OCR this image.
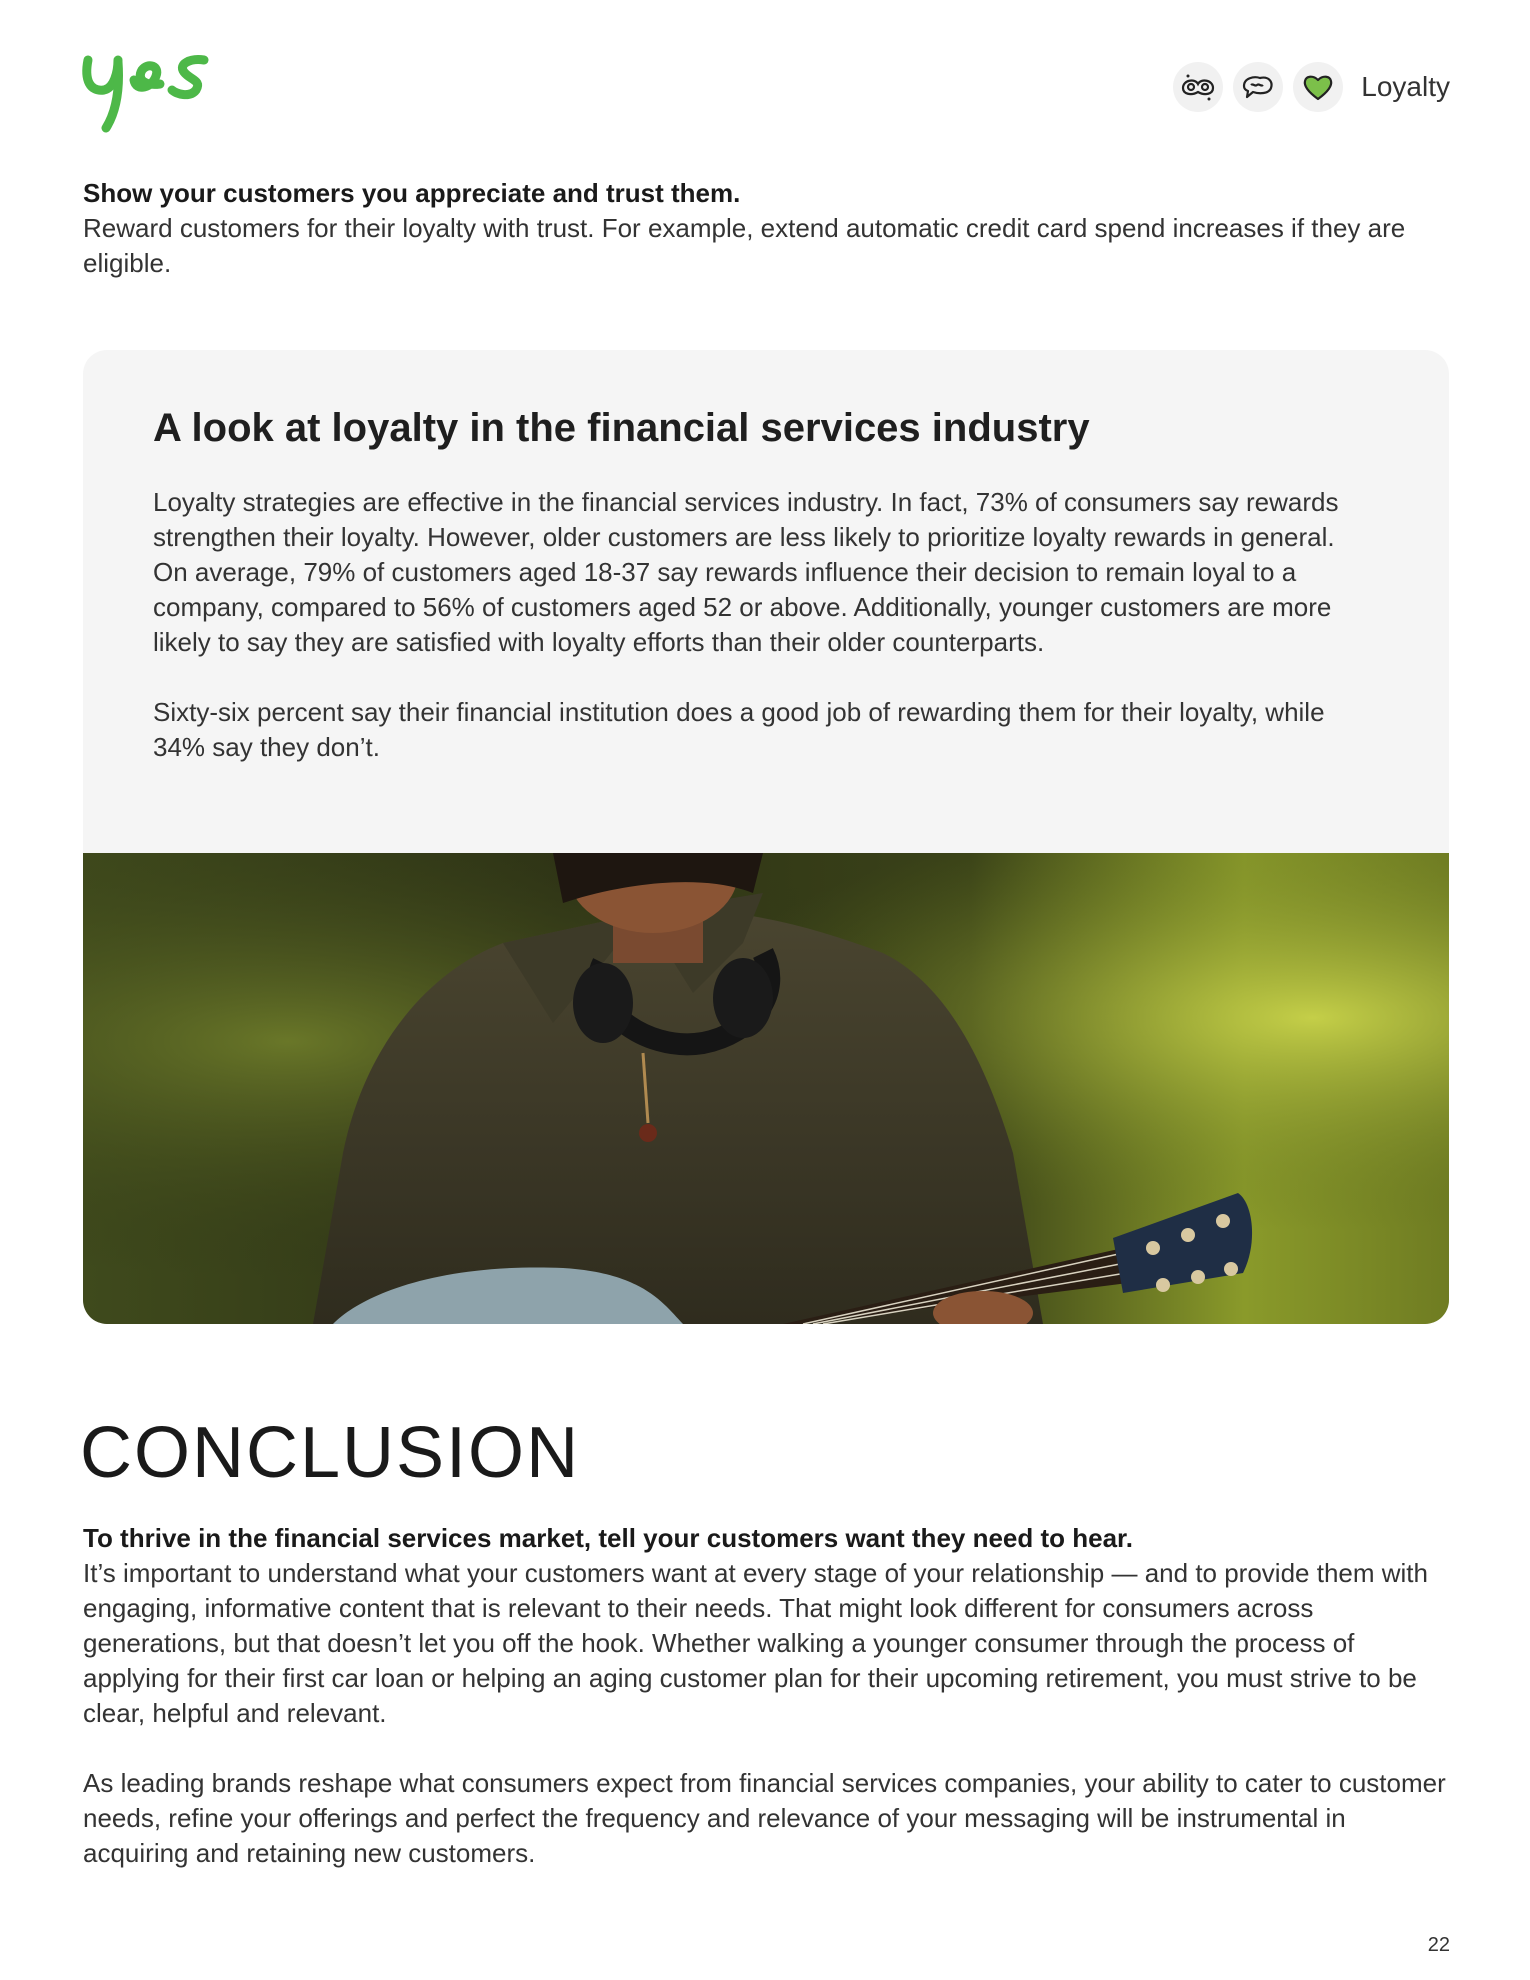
Loyalty
Show your customers you appreciate and trust them.
Reward customers for their loyalty with trust. For example, extend automatic credit card spend increases if they are eligible.
A look at loyalty in the financial services industry

Loyalty strategies are effective in the financial services industry. In fact, 73% of consumers say rewards strengthen their loyalty. However, older customers are less likely to prioritize loyalty rewards in general. On average, 79% of customers aged 18-37 say rewards influence their decision to remain loyal to a company, compared to 56% of customers aged 52 or above. Additionally, younger customers are more likely to say they are satisfied with loyalty efforts than their older counterparts.

Sixty-six percent say their financial institution does a good job of rewarding them for their loyalty, while 34% say they don’t.

CONCLUSION
To thrive in the financial services market, tell your customers want they need to hear.
It’s important to understand what your customers want at every stage of your relationship — and to provide them with engaging, informative content that is relevant to their needs. That might look different for consumers across generations, but that doesn’t let you off the hook. Whether walking a younger consumer through the process of applying for their first car loan or helping an aging customer plan for their upcoming retirement, you must strive to be clear, helpful and relevant.
As leading brands reshape what consumers expect from financial services companies, your ability to cater to customer needs, refine your offerings and perfect the frequency and relevance of your messaging will be instrumental in acquiring and retaining new customers.
22
